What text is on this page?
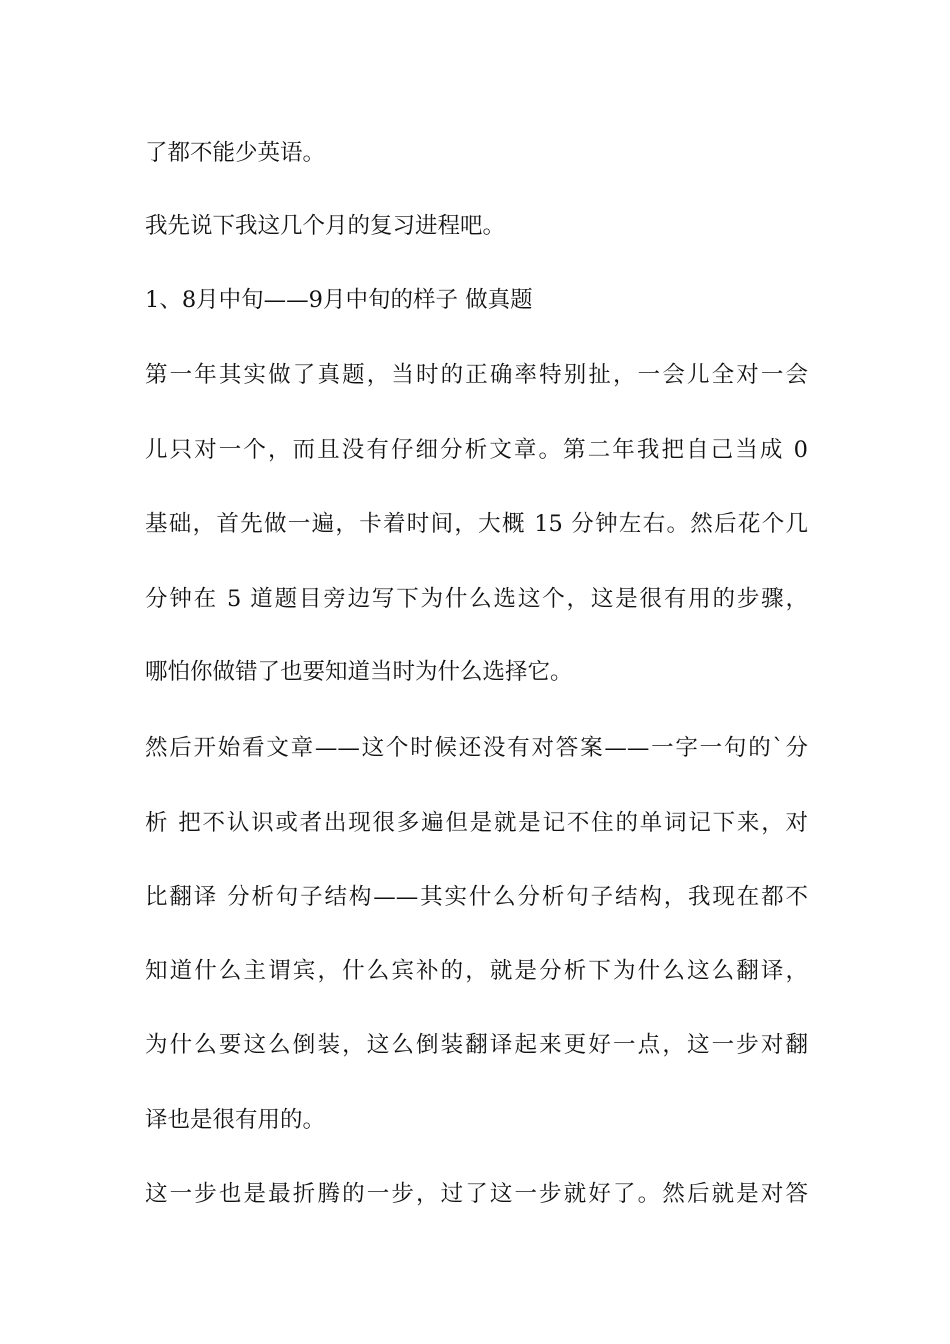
了都不能少英语。
我先说下我这几个月的复习进程吧。
1、8月中旬——9月中旬的样子 做真题
第一年其实做了真题，当时的正确率特别扯，一会儿全对一会
儿只对一个，而且没有仔细分析文章。第二年我把自己当成 0
基础，首先做一遍，卡着时间，大概 15 分钟左右。然后花个几
分钟在 5 道题目旁边写下为什么选这个，这是很有用的步骤，
哪怕你做错了也要知道当时为什么选择它。
然后开始看文章——这个时候还没有对答案——一字一句的`分
析 把不认识或者出现很多遍但是就是记不住的单词记下来，对
比翻译 分析句子结构——其实什么分析句子结构，我现在都不
知道什么主谓宾，什么宾补的，就是分析下为什么这么翻译，
为什么要这么倒装，这么倒装翻译起来更好一点，这一步对翻
译也是很有用的。
这一步也是最折腾的一步，过了这一步就好了。然后就是对答
